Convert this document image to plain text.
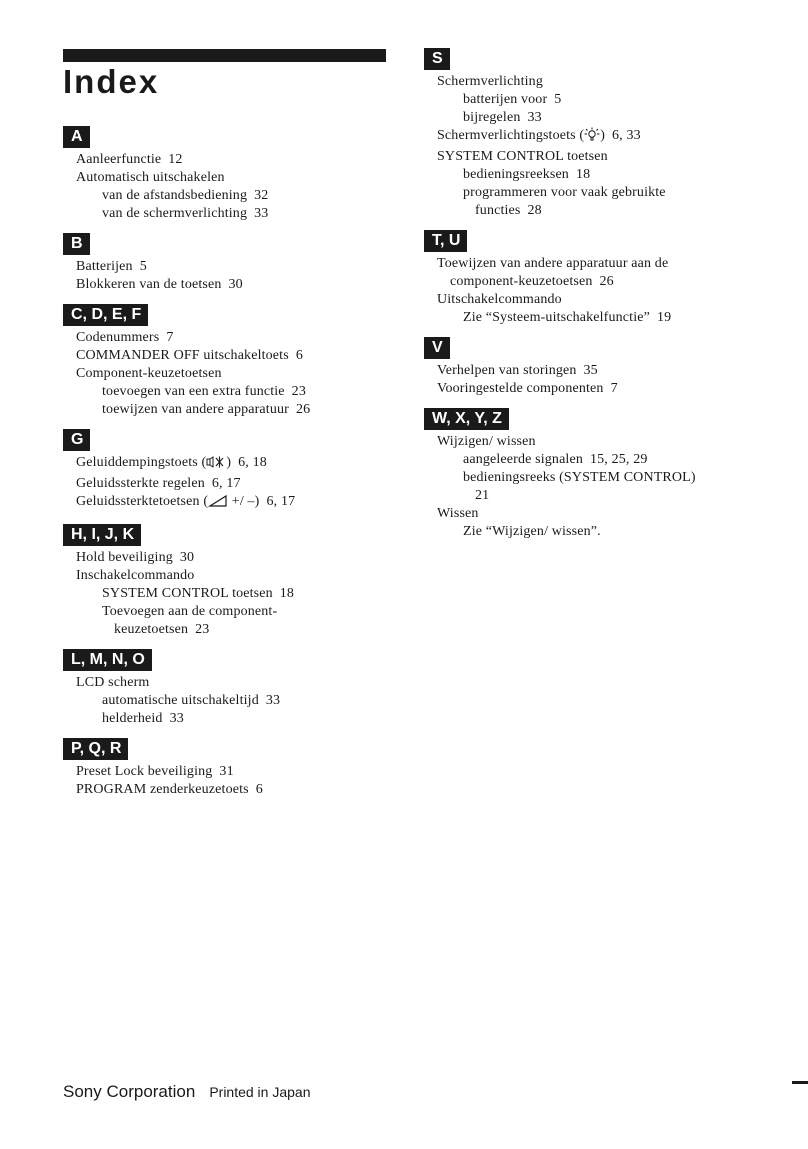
Index
A
Aanleerfunctie 12
Automatisch uitschakelen
van de afstandsbediening 32
van de schermverlichting 33
B
Batterijen 5
Blokkeren van de toetsen 30
C, D, E, F
Codenummers 7
COMMANDER OFF uitschakeltoets 6
Component-keuzetoetsen
toevoegen van een extra functie 23
toewijzen van andere apparatuur 26
G
Geluiddempingstoets ( ) 6, 18
Geluidssterkte regelen 6, 17
Geluidssterktetoetsen ( +/ –) 6, 17
H, I, J, K
Hold beveiliging 30
Inschakelcommando
SYSTEM CONTROL toetsen 18
Toevoegen aan de component-
keuzetoetsen 23
L, M, N, O
LCD scherm
automatische uitschakeltijd 33
helderheid 33
P, Q, R
Preset Lock beveiliging 31
PROGRAM zenderkeuzetoets 6
S
Schermverlichting
batterijen voor 5
bijregelen 33
Schermverlichtingstoets ( ) 6, 33
SYSTEM CONTROL toetsen
bedieningsreeksen 18
programmeren voor vaak gebruikte
functies 28
T, U
Toewijzen van andere apparatuur aan de
component-keuzetoetsen 26
Uitschakelcommando
Zie “Systeem-uitschakelfunctie” 19
V
Verhelpen van storingen 35
Vooringestelde componenten 7
W, X, Y, Z
Wijzigen/ wissen
aangeleerde signalen 15, 25, 29
bedieningsreeks (SYSTEM CONTROL)
21
Wissen
Zie “Wijzigen/ wissen”.
Sony Corporation Printed in Japan
